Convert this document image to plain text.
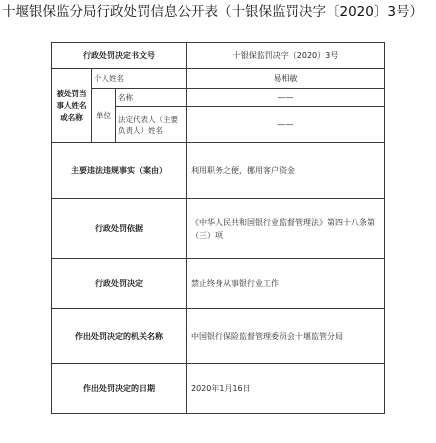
十堰银保监分局行政处罚信息公开表（十银保监罚决字〔2020〕3号）
行政处罚决定书文号			十银保监罚决字（2020）3号
被处罚当事人姓名或名称	个人姓名		易相敏
	单位	名称	——
		法定代表人（主要负责人）姓名	——

主要违法违规事实（案由）			利用职务之便，挪用客户资金
行政处罚依据			《中华人民共和国银行业监督管理法》第四十八条第（三）项
行政处罚决定			禁止终身从事银行业工作
作出处罚决定的机关名称			中国银行保险监督管理委员会十堰监管分局
作出处罚决定的日期			2020年1月16日
